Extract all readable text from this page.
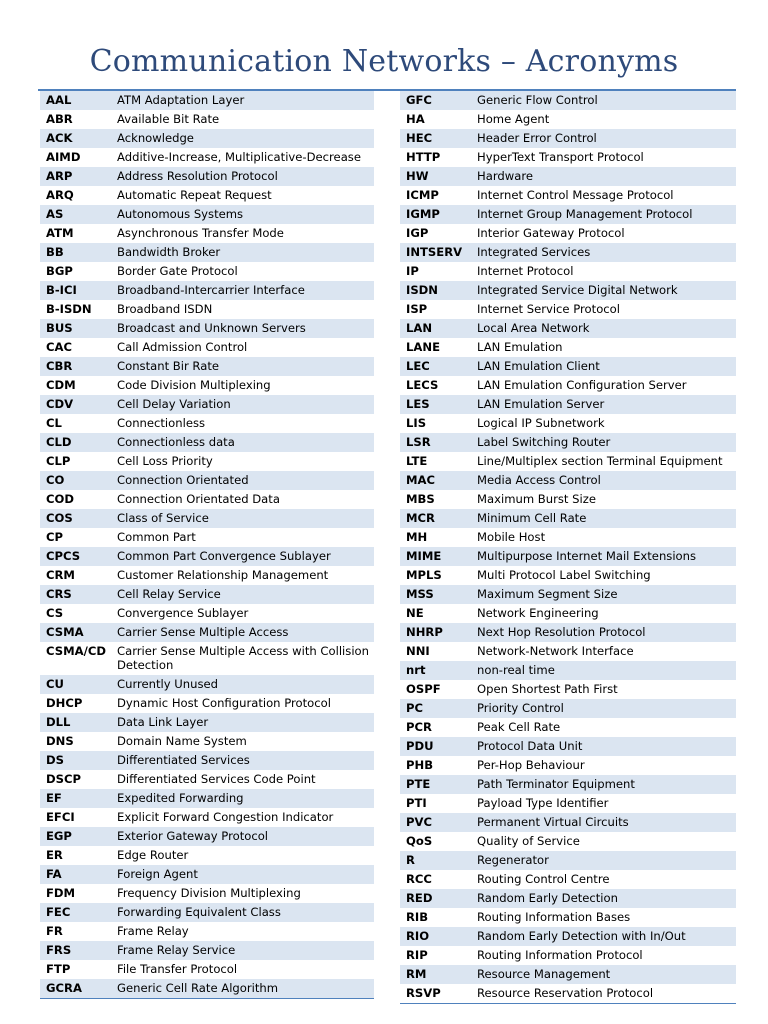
Communication Networks – Acronyms
AAL	ATM Adaptation Layer
ABR	Available Bit Rate
ACK	Acknowledge
AIMD	Additive-Increase, Multiplicative-Decrease
ARP	Address Resolution Protocol
ARQ	Automatic Repeat Request
AS	Autonomous Systems
ATM	Asynchronous Transfer Mode
BB	Bandwidth Broker
BGP	Border Gate Protocol
B-ICI	Broadband-Intercarrier Interface
B-ISDN	Broadband ISDN
BUS	Broadcast and Unknown Servers
CAC	Call Admission Control
CBR	Constant Bir Rate
CDM	Code Division Multiplexing
CDV	Cell Delay Variation
CL	Connectionless
CLD	Connectionless data
CLP	Cell Loss Priority
CO	Connection Orientated
COD	Connection Orientated Data
COS	Class of Service
CP	Common Part
CPCS	Common Part Convergence Sublayer
CRM	Customer Relationship Management
CRS	Cell Relay Service
CS	Convergence Sublayer
CSMA	Carrier Sense Multiple Access
CSMA/CD	Carrier Sense Multiple Access with Collision Detection
CU	Currently Unused
DHCP	Dynamic Host Configuration Protocol
DLL	Data Link Layer
DNS	Domain Name System
DS	Differentiated Services
DSCP	Differentiated Services Code Point
EF	Expedited Forwarding
EFCI	Explicit Forward Congestion Indicator
EGP	Exterior Gateway Protocol
ER	Edge Router
FA	Foreign Agent
FDM	Frequency Division Multiplexing
FEC	Forwarding Equivalent Class
FR	Frame Relay
FRS	Frame Relay Service
FTP	File Transfer Protocol
GCRA	Generic Cell Rate Algorithm
GFC	Generic Flow Control
HA	Home Agent
HEC	Header Error Control
HTTP	HyperText Transport Protocol
HW	Hardware
ICMP	Internet Control Message Protocol
IGMP	Internet Group Management Protocol
IGP	Interior Gateway Protocol
INTSERV	Integrated Services
IP	Internet Protocol
ISDN	Integrated Service Digital Network
ISP	Internet Service Protocol
LAN	Local Area Network
LANE	LAN Emulation
LEC	LAN Emulation Client
LECS	LAN Emulation Configuration Server
LES	LAN Emulation Server
LIS	Logical IP Subnetwork
LSR	Label Switching Router
LTE	Line/Multiplex section Terminal Equipment
MAC	Media Access Control
MBS	Maximum Burst Size
MCR	Minimum Cell Rate
MH	Mobile Host
MIME	Multipurpose Internet Mail Extensions
MPLS	Multi Protocol Label Switching
MSS	Maximum Segment Size
NE	Network Engineering
NHRP	Next Hop Resolution Protocol
NNI	Network-Network Interface
nrt	non-real time
OSPF	Open Shortest Path First
PC	Priority Control
PCR	Peak Cell Rate
PDU	Protocol Data Unit
PHB	Per-Hop Behaviour
PTE	Path Terminator Equipment
PTI	Payload Type Identifier
PVC	Permanent Virtual Circuits
QoS	Quality of Service
R	Regenerator
RCC	Routing Control Centre
RED	Random Early Detection
RIB	Routing Information Bases
RIO	Random Early Detection with In/Out
RIP	Routing Information Protocol
RM	Resource Management
RSVP	Resource Reservation Protocol
